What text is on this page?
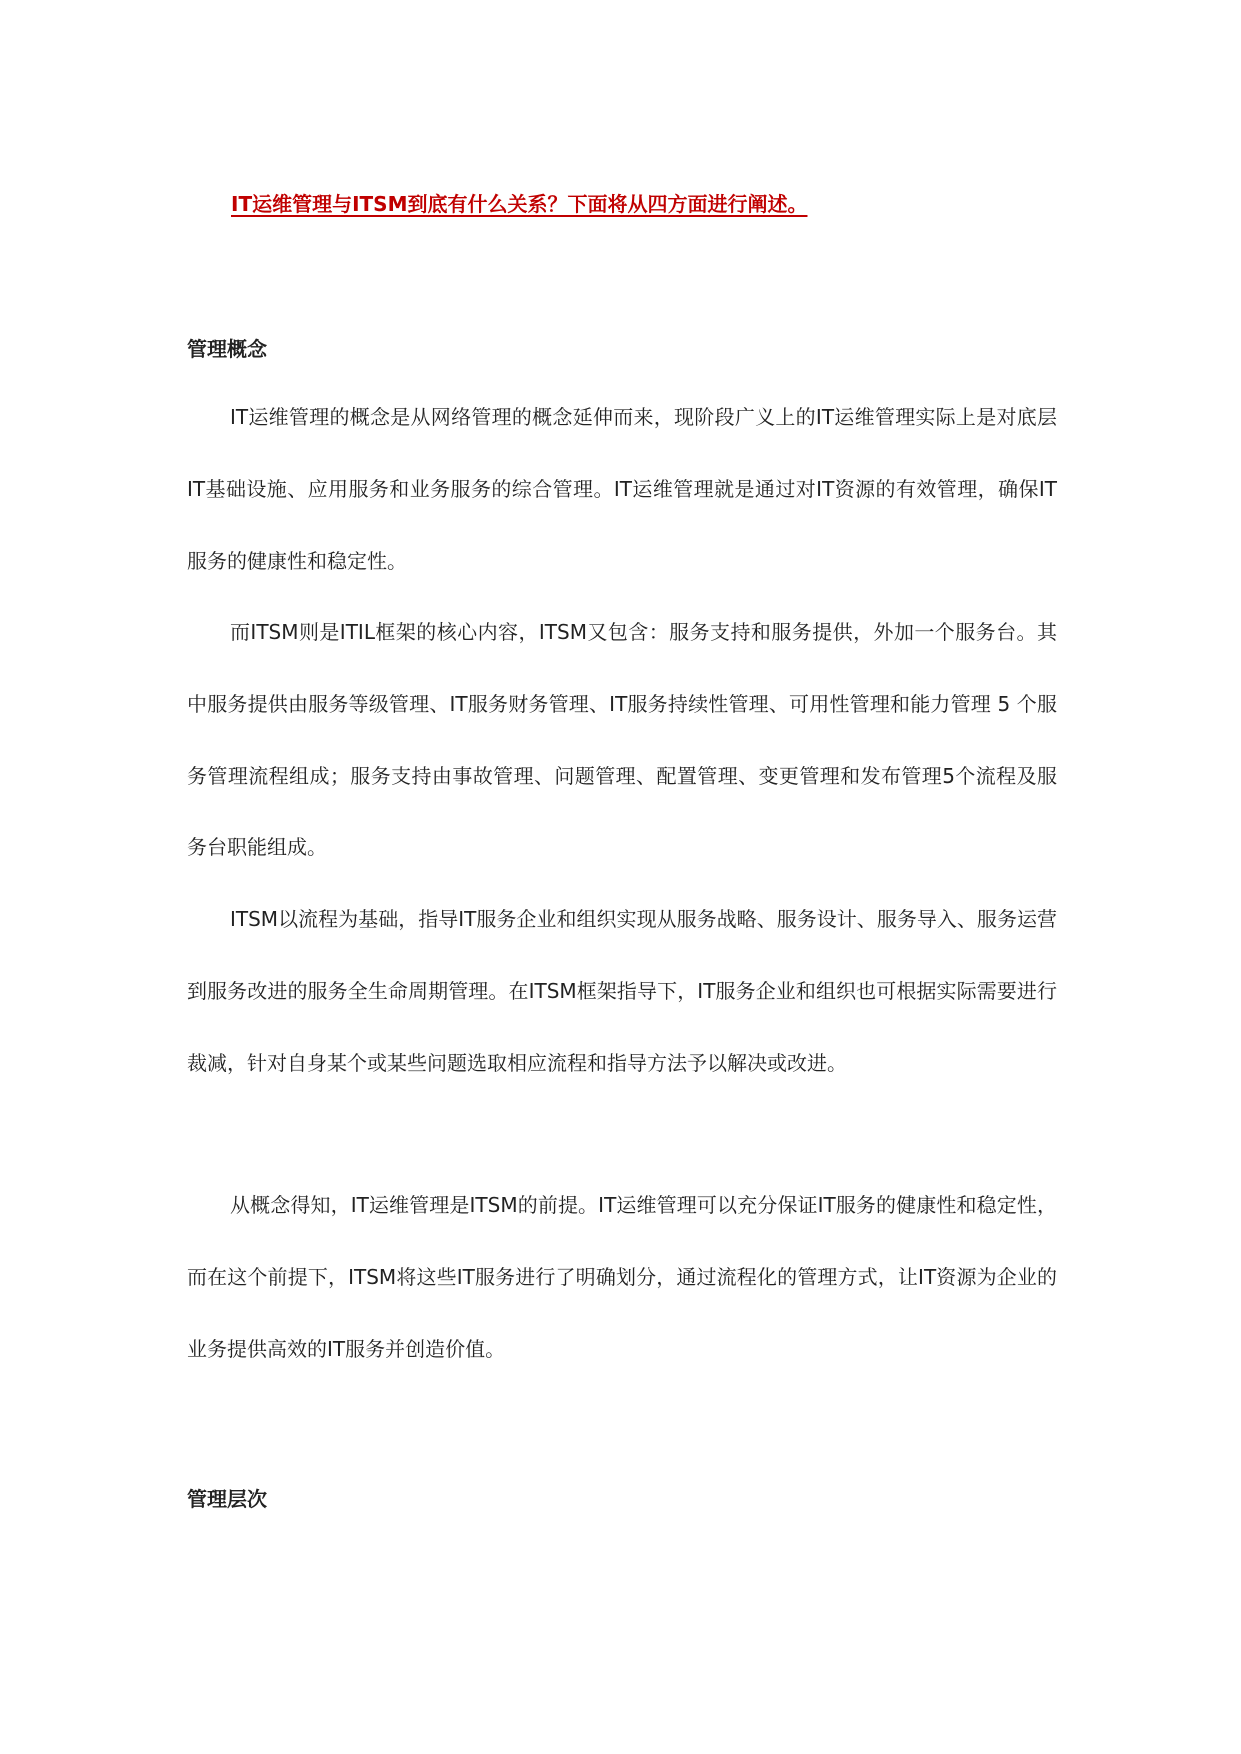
IT运维管理与ITSM到底有什么关系？下面将从四方面进行阐述。

管理概念

IT运维管理的概念是从网络管理的概念延伸而来，现阶段广义上的IT运维管理实际上是对底层IT基础设施、应用服务和业务服务的综合管理。IT运维管理就是通过对IT资源的有效管理，确保IT服务的健康性和稳定性。

而ITSM则是ITIL框架的核心内容，ITSM又包含：服务支持和服务提供，外加一个服务台。其中服务提供由服务等级管理、IT服务财务管理、IT服务持续性管理、可用性管理和能力管理 5 个服务管理流程组成；服务支持由事故管理、问题管理、配置管理、变更管理和发布管理5个流程及服务台职能组成。

ITSM以流程为基础，指导IT服务企业和组织实现从服务战略、服务设计、服务导入、服务运营到服务改进的服务全生命周期管理。在ITSM框架指导下，IT服务企业和组织也可根据实际需要进行裁减，针对自身某个或某些问题选取相应流程和指导方法予以解决或改进。

从概念得知，IT运维管理是ITSM的前提。IT运维管理可以充分保证IT服务的健康性和稳定性，而在这个前提下，ITSM将这些IT服务进行了明确划分，通过流程化的管理方式，让IT资源为企业的业务提供高效的IT服务并创造价值。

管理层次
